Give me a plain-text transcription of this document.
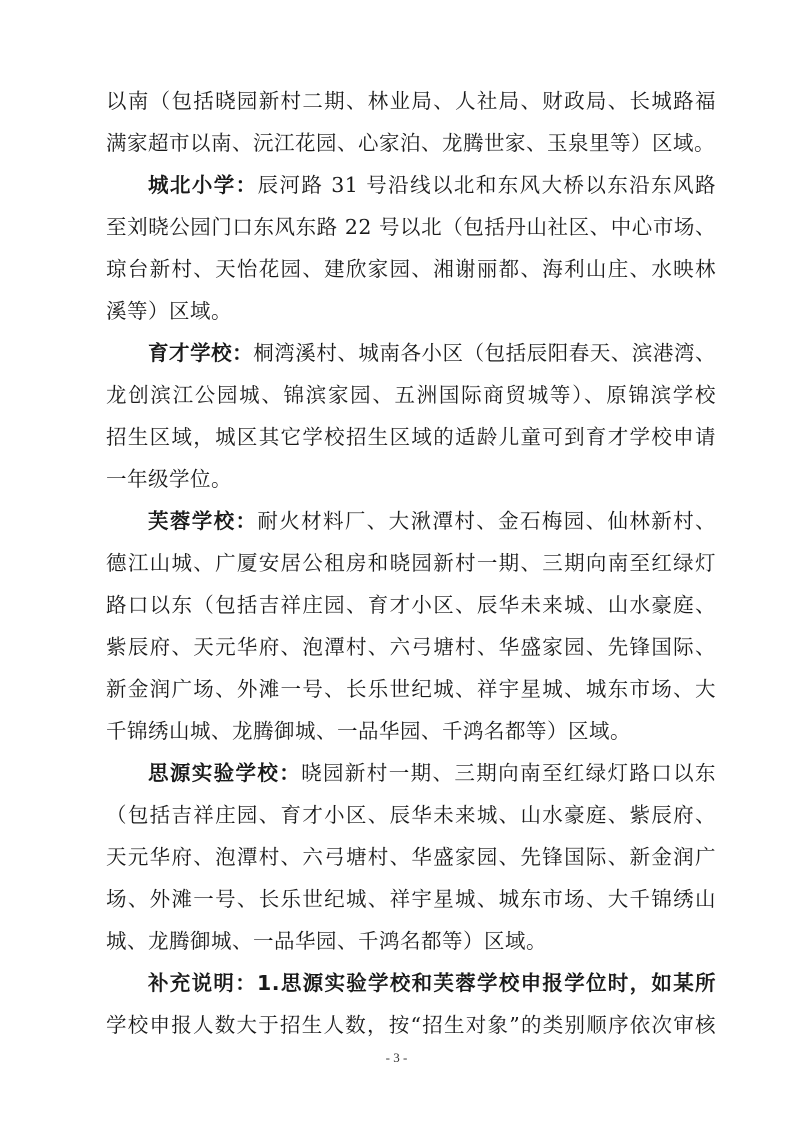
以南（包括晓园新村二期、林业局、人社局、财政局、长城路福
满家超市以南、沅江花园、心家泊、龙腾世家、玉泉里等）区域。
城北小学：辰河路 31 号沿线以北和东风大桥以东沿东风路
至刘晓公园门口东风东路 22 号以北（包括丹山社区、中心市场、
琼台新村、天怡花园、建欣家园、湘谢丽都、海利山庄、水映林
溪等）区域。
育才学校：桐湾溪村、城南各小区（包括辰阳春天、滨港湾、
龙创滨江公园城、锦滨家园、五洲国际商贸城等）、原锦滨学校
招生区域，城区其它学校招生区域的适龄儿童可到育才学校申请
一年级学位。
芙蓉学校：耐火材料厂、大湫潭村、金石梅园、仙林新村、
德江山城、广厦安居公租房和晓园新村一期、三期向南至红绿灯
路口以东（包括吉祥庄园、育才小区、辰华未来城、山水豪庭、
紫辰府、天元华府、泡潭村、六弓塘村、华盛家园、先锋国际、
新金润广场、外滩一号、长乐世纪城、祥宇星城、城东市场、大
千锦绣山城、龙腾御城、一品华园、千鸿名都等）区域。
思源实验学校：晓园新村一期、三期向南至红绿灯路口以东
（包括吉祥庄园、育才小区、辰华未来城、山水豪庭、紫辰府、
天元华府、泡潭村、六弓塘村、华盛家园、先锋国际、新金润广
场、外滩一号、长乐世纪城、祥宇星城、城东市场、大千锦绣山
城、龙腾御城、一品华园、千鸿名都等）区域。
补充说明：1.思源实验学校和芙蓉学校申报学位时，如某所
学校申报人数大于招生人数，按“招生对象”的类别顺序依次审核
- 3 -
